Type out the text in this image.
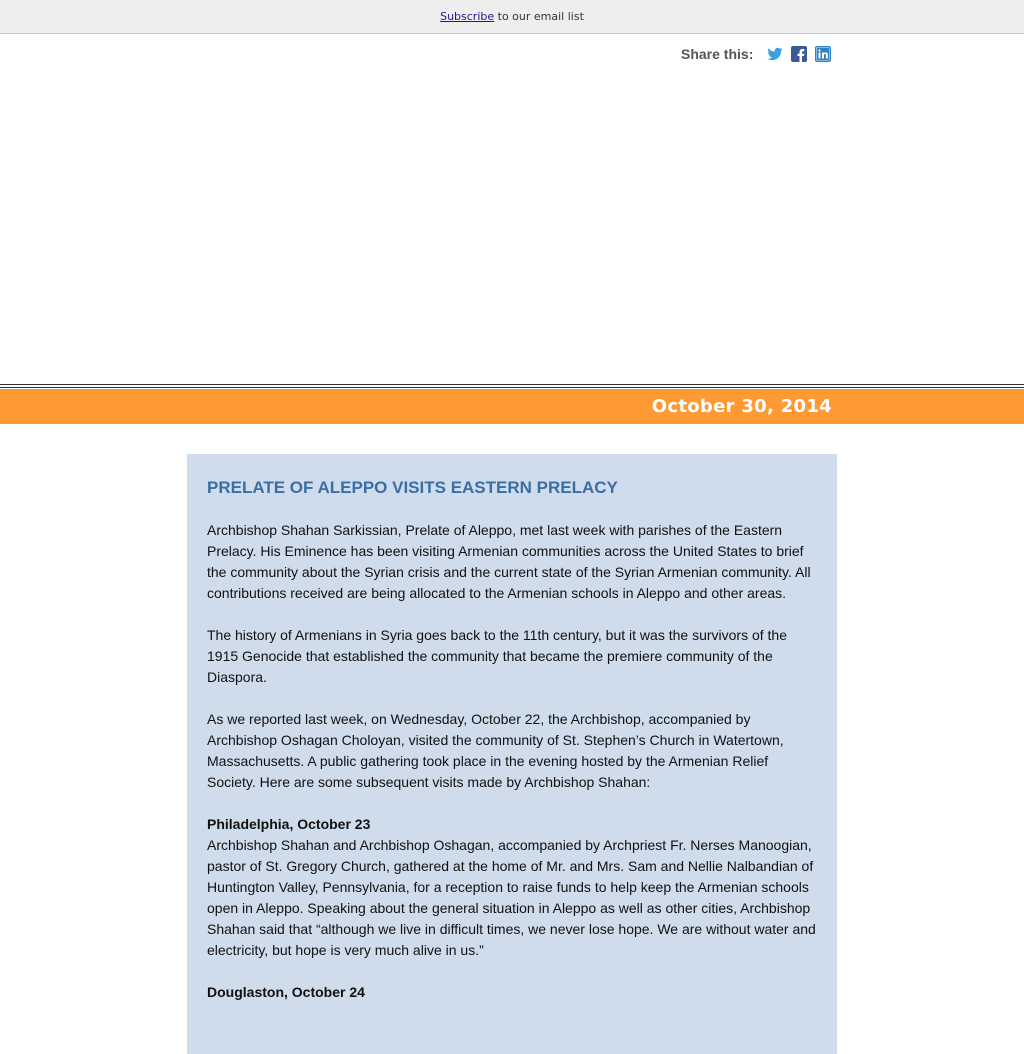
Subscribe to our email list
Share this:
October 30, 2014
PRELATE OF ALEPPO VISITS EASTERN PRELACY

Archbishop Shahan Sarkissian, Prelate of Aleppo, met last week with parishes of the Eastern Prelacy. His Eminence has been visiting Armenian communities across the United States to brief the community about the Syrian crisis and the current state of the Syrian Armenian community. All contributions received are being allocated to the Armenian schools in Aleppo and other areas.

The history of Armenians in Syria goes back to the 11th century, but it was the survivors of the 1915 Genocide that established the community that became the premiere community of the Diaspora.

As we reported last week, on Wednesday, October 22, the Archbishop, accompanied by Archbishop Oshagan Choloyan, visited the community of St. Stephen’s Church in Watertown, Massachusetts. A public gathering took place in the evening hosted by the Armenian Relief Society. Here are some subsequent visits made by Archbishop Shahan:

Philadelphia, October 23

Archbishop Shahan and Archbishop Oshagan, accompanied by Archpriest Fr. Nerses Manoogian, pastor of St. Gregory Church, gathered at the home of Mr. and Mrs. Sam and Nellie Nalbandian of Huntington Valley, Pennsylvania, for a reception to raise funds to help keep the Armenian schools open in Aleppo. Speaking about the general situation in Aleppo as well as other cities, Archbishop Shahan said that “although we live in difficult times, we never lose hope. We are without water and electricity, but hope is very much alive in us.”

Douglaston, October 24
